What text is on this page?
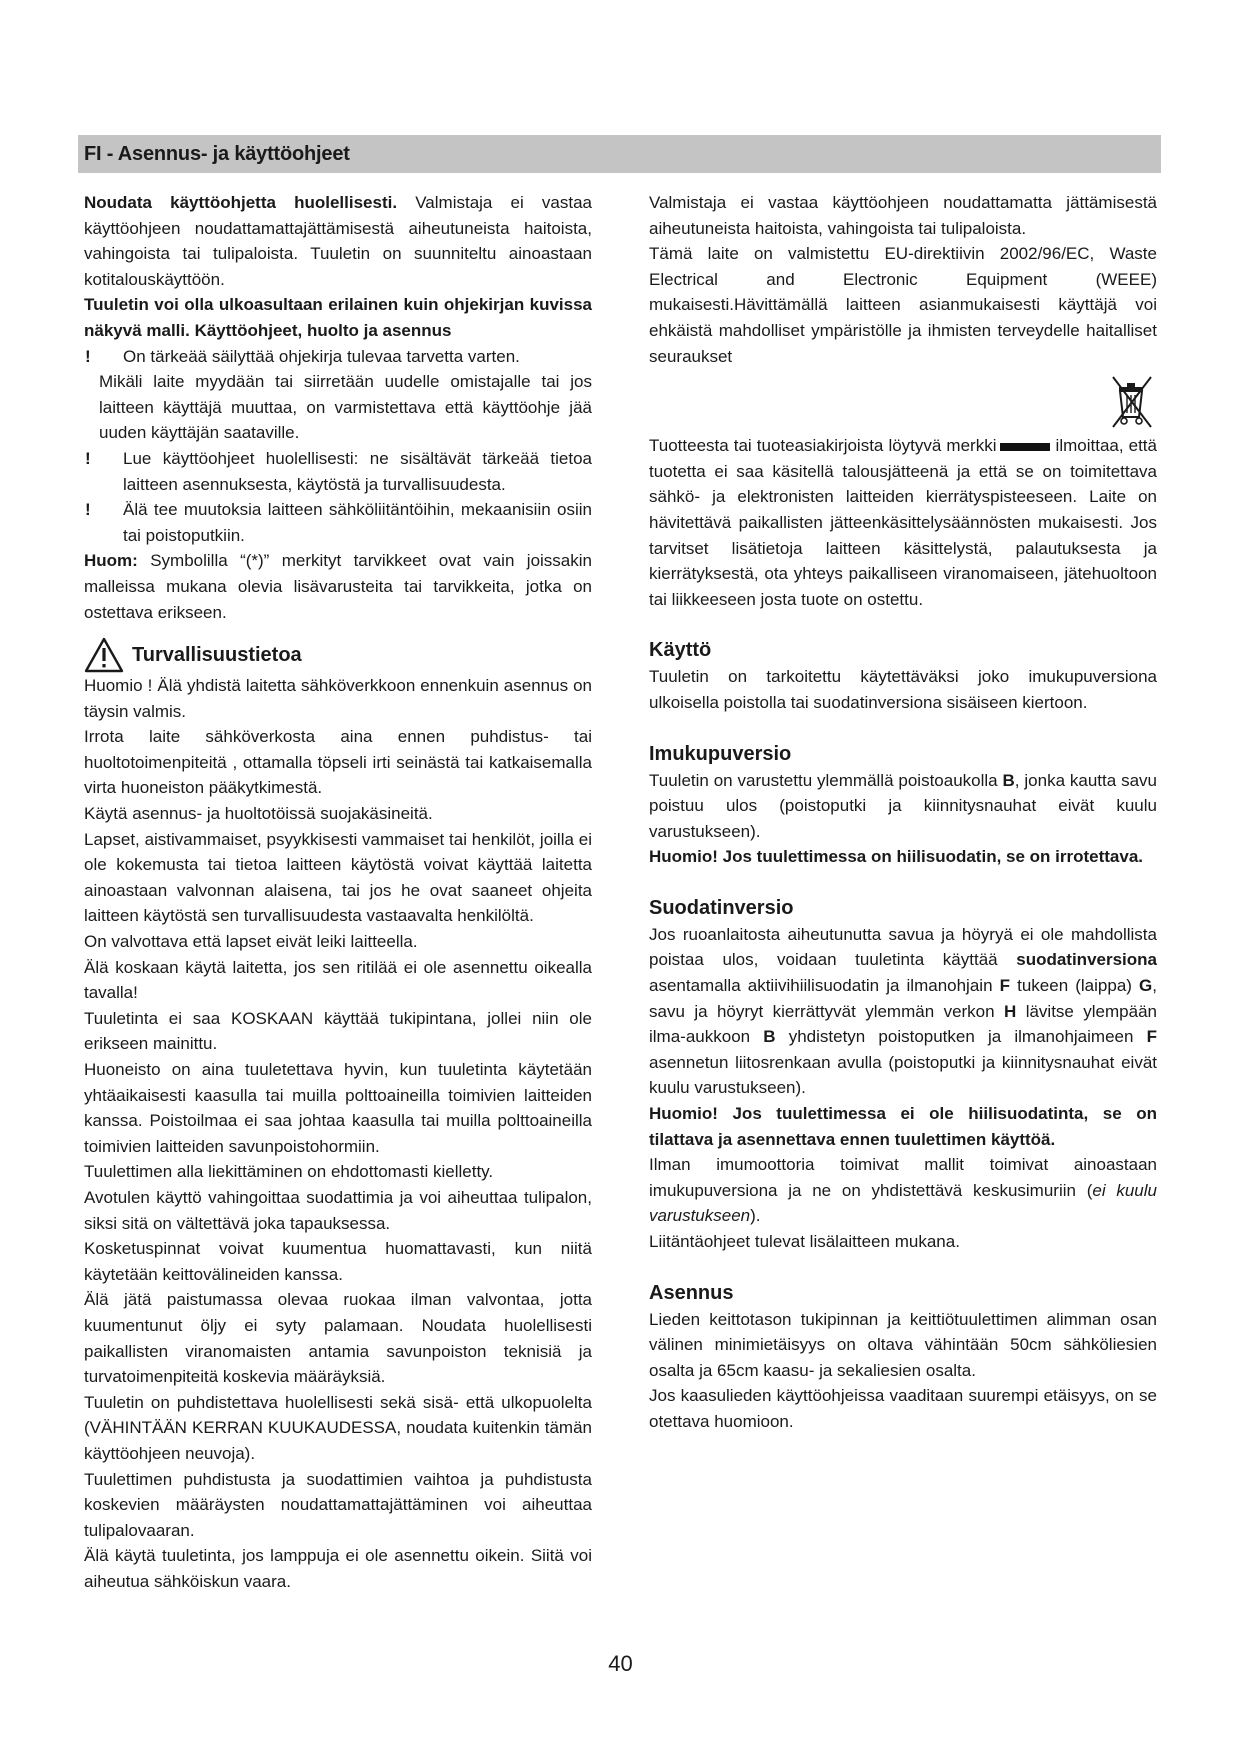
FI - Asennus- ja käyttöohjeet

Noudata käyttöohjetta huolellisesti. Valmistaja ei vastaa käyttöohjeen noudattamattajättämisestä aiheutuneista haitoista, vahingoista tai tulipaloista. Tuuletin on suunniteltu ainoastaan kotitalouskäyttöön.

Tuuletin voi olla ulkoasultaan erilainen kuin ohjekirjan kuvissa näkyvä malli. Käyttöohjeet, huolto ja asennus

! On tärkeää säilyttää ohjekirja tulevaa tarvetta varten.

Mikäli laite myydään tai siirretään uudelle omistajalle tai jos laitteen käyttäjä muuttaa, on varmistettava että käyttöohje jää uuden käyttäjän saataville.

! Lue käyttöohjeet huolellisesti: ne sisältävät tärkeää tietoa laitteen asennuksesta, käytöstä ja turvallisuudesta.

! Älä tee muutoksia laitteen sähköliitäntöihin, mekaanisiin osiin tai poistoputkiin.

Huom: Symbolilla “(*)” merkityt tarvikkeet ovat vain joissakin malleissa mukana olevia lisävarusteita tai tarvikkeita, jotka on ostettava erikseen.

Turvallisuustietoa

Huomio ! Älä yhdistä laitetta sähköverkkoon ennenkuin asennus on täysin valmis.

Irrota laite sähköverkosta aina ennen puhdistus- tai huoltotoimenpiteitä , ottamalla töpseli irti seinästä tai katkaisemalla virta huoneiston pääkytkimestä.

Käytä asennus- ja huoltotöissä suojakäsineitä.

Lapset, aistivammaiset, psyykkisesti vammaiset tai henkilöt, joilla ei ole kokemusta tai tietoa laitteen käytöstä voivat käyttää laitetta ainoastaan valvonnan alaisena, tai jos he ovat saaneet ohjeita laitteen käytöstä sen turvallisuudesta vastaavalta henkilöltä.

On valvottava että lapset eivät leiki laitteella.

Älä koskaan käytä laitetta, jos sen ritilää ei ole asennettu oikealla tavalla!

Tuuletinta ei saa KOSKAAN käyttää tukipintana, jollei niin ole erikseen mainittu.

Huoneisto on aina tuuletettava hyvin, kun tuuletinta käytetään yhtäaikaisesti kaasulla tai muilla polttoaineilla toimivien laitteiden kanssa. Poistoilmaa ei saa johtaa kaasulla tai muilla polttoaineilla toimivien laitteiden savunpoistohormiin.

Tuulettimen alla liekittäminen on ehdottomasti kielletty.

Avotulen käyttö vahingoittaa suodattimia ja voi aiheuttaa tulipalon, siksi sitä on vältettävä joka tapauksessa.

Kosketuspinnat voivat kuumentua huomattavasti, kun niitä käytetään keittovälineiden kanssa.

Älä jätä paistumassa olevaa ruokaa ilman valvontaa, jotta kuumentunut öljy ei syty palamaan. Noudata huolellisesti paikallisten viranomaisten antamia savunpoiston teknisiä ja turvatoimenpiteitä koskevia määräyksiä.

Tuuletin on puhdistettava huolellisesti sekä sisä- että ulkopuolelta (VÄHINTÄÄN KERRAN KUUKAUDESSA, noudata kuitenkin tämän käyttöohjeen neuvoja).

Tuulettimen puhdistusta ja suodattimien vaihtoa ja puhdistusta koskevien määräysten noudattamattajättäminen voi aiheuttaa tulipalovaaran.

Älä käytä tuuletinta, jos lamppuja ei ole asennettu oikein. Siitä voi aiheutua sähköiskun vaara.

Valmistaja ei vastaa käyttöohjeen noudattamatta jättämisestä aiheutuneista haitoista, vahingoista tai tulipaloista.

Tämä laite on valmistettu EU-direktiivin 2002/96/EC, Waste Electrical and Electronic Equipment (WEEE) mukaisesti.Hävittämällä laitteen asianmukaisesti käyttäjä voi ehkäistä mahdolliset ympäristölle ja ihmisten terveydelle haitalliset seuraukset

Tuotteesta tai tuoteasiakirjoista löytyvä merkki	ilmoittaa, että tuotetta ei saa käsitellä talousjätteenä ja että se on toimitettava sähkö- ja elektronisten laitteiden kierrätyspisteeseen. Laite on hävitettävä paikallisten jätteenkäsittelysäännösten mukaisesti. Jos tarvitset lisätietoja laitteen käsittelystä, palautuksesta ja kierrätyksestä, ota yhteys paikalliseen viranomaiseen, jätehuoltoon tai liikkeeseen josta tuote on ostettu.

Käyttö

Tuuletin on tarkoitettu käytettäväksi joko imukupuversiona ulkoisella poistolla tai suodatinversiona sisäiseen kiertoon.

Imukupuversio

Tuuletin on varustettu ylemmällä poistoaukolla B, jonka kautta savu poistuu ulos (poistoputki ja kiinnitysnauhat eivät kuulu varustukseen).

Huomio! Jos tuulettimessa on hiilisuodatin, se on irrotettava.

Suodatinversio

Jos ruoanlaitosta aiheutunutta savua ja höyryä ei ole mahdollista poistaa ulos, voidaan tuuletinta käyttää suodatinversiona asentamalla aktiivihiilisuodatin ja ilmanohjain F tukeen (laippa) G, savu ja höyryt kierrättyvät ylemmän verkon H lävitse ylempään ilma-aukkoon B yhdistetyn poistoputken ja ilmanohjaimeen F asennetun liitosrenkaan avulla (poistoputki ja kiinnitysnauhat eivät kuulu varustukseen).

Huomio! Jos tuulettimessa ei ole hiilisuodatinta, se on tilattava ja asennettava ennen tuulettimen käyttöä.

Ilman imumoottoria toimivat mallit toimivat ainoastaan imukupuversiona ja ne on yhdistettävä keskusimuriin (ei kuulu varustukseen).

Liitäntäohjeet tulevat lisälaitteen mukana.

Asennus

Lieden keittotason tukipinnan ja keittiötuulettimen alimman osan välinen minimietäisyys on oltava vähintään 50cm sähköliesien osalta ja 65cm kaasu- ja sekaliesien osalta.

Jos kaasulieden käyttöohjeissa vaaditaan suurempi etäisyys, on se otettava huomioon.

40
